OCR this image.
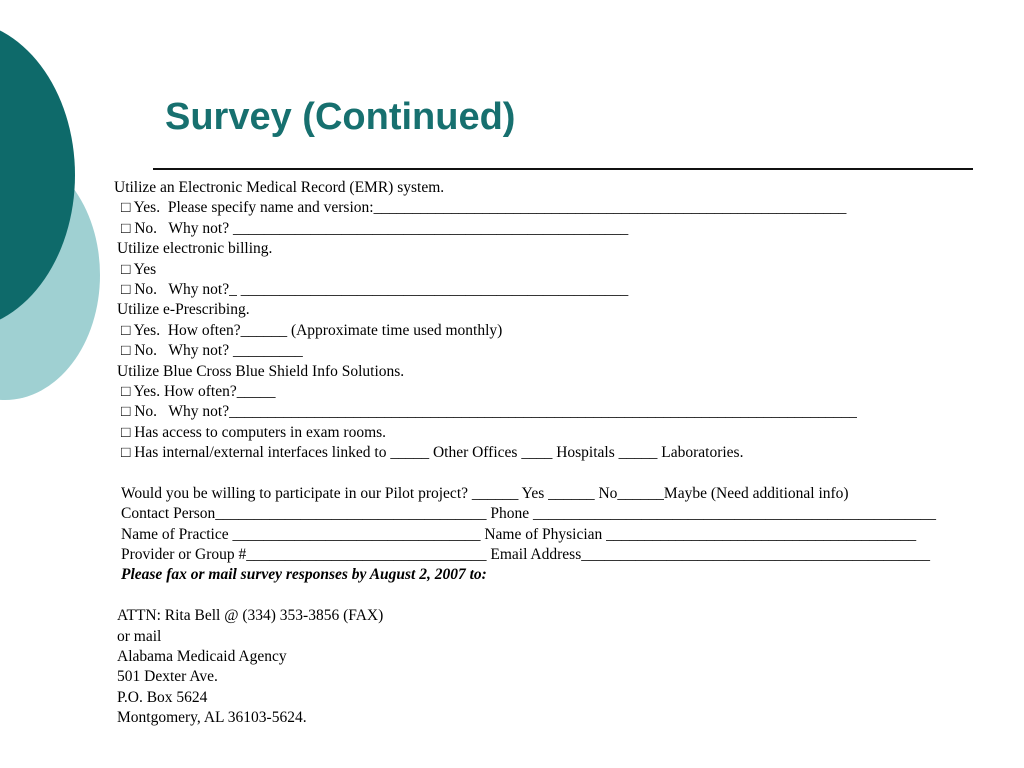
Survey (Continued)
Utilize an Electronic Medical Record (EMR) system.
□ Yes.  Please specify name and version:_____________________________________________________________
□ No.   Why not? ___________________________________________________
Utilize electronic billing.
□ Yes
□ No.   Why not?_ __________________________________________________
Utilize e-Prescribing.
□ Yes.  How often?______ (Approximate time used monthly)
□ No.   Why not? _________
Utilize Blue Cross Blue Shield Info Solutions.
□ Yes. How often?_____
□ No.   Why not?_________________________________________________________________________________
□ Has access to computers in exam rooms.
□ Has internal/external interfaces linked to _____ Other Offices ____ Hospitals _____ Laboratories.
Would you be willing to participate in our Pilot project? ______ Yes ______ No______Maybe (Need additional info)
Contact Person___________________________________ Phone ____________________________________________________
Name of Practice ________________________________ Name of Physician ________________________________________
Provider or Group #_______________________________ Email Address_____________________________________________
Please fax or mail survey responses by August 2, 2007 to:
ATTN: Rita Bell @ (334) 353-3856 (FAX)
or mail
Alabama Medicaid Agency
501 Dexter Ave.
P.O. Box 5624
Montgomery, AL 36103-5624.
